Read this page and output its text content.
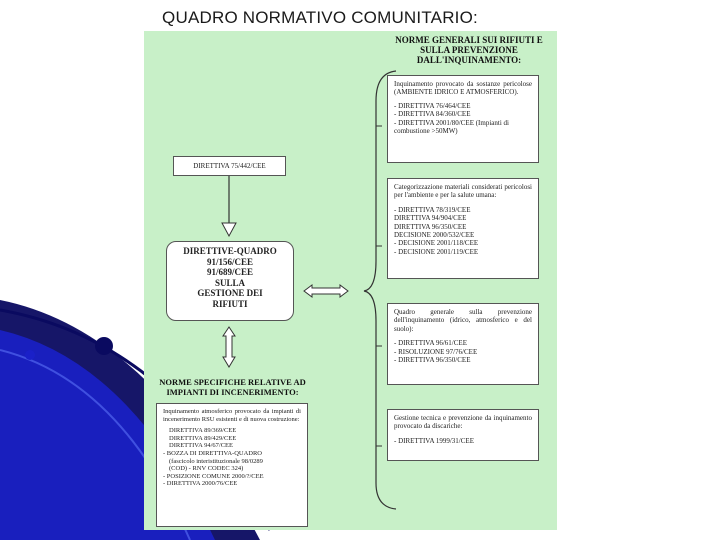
QUADRO NORMATIVO COMUNITARIO:
NORME GENERALI SUI RIFIUTI E SULLA PREVENZIONE DALL'INQUINAMENTO:

Inquinamento provocato da sostanze pericolose (AMBIENTE IDRICO E ATMOSFERICO).

- DIRETTIVA 76/464/CEE
- DIRETTIVA 84/360/CEE
- DIRETTIVA 2001/80/CEE (Impianti di combustione >50MW)

Categorizzazione materiali considerati pericolosi per l'ambiente e per la salute umana:

- DIRETTIVA 78/319/CEE
DIRETTIVA 94/904/CEE
DIRETTIVA 96/350/CEE
DECISIONE 2000/532/CEE
- DECISIONE 2001/118/CEE
- DECISIONE 2001/119/CEE

Quadro generale sulla prevenzione dell'inquinamento (idrico, atmosferico e del suolo):

- DIRETTIVA 96/61/CEE
- RISOLUZIONE 97/76/CEE
- DIRETTIVA 96/350/CEE

Gestione tecnica e prevenzione da inquinamento provocato da discariche:

- DIRETTIVA 1999/31/CEE
DIRETTIVA 75/442/CEE
DIRETTIVE-QUADRO
91/156/CEE
91/689/CEE
SULLA
GESTIONE DEI
RIFIUTI
NORME SPECIFICHE RELATIVE AD IMPIANTI DI INCENERIMENTO:

Inquinamento atmosferico provocato da impianti di incenerimento RSU esistenti e di nuova costruzione:

DIRETTIVA 89/369/CEE
DIRETTIVA 89/429/CEE
DIRETTIVA 94/67/CEE
- BOZZA DI DIRETTIVA-QUADRO
(fascicolo interistituzionale 98/0289
(COD) - RNV CODEC 324)
- POSIZIONE COMUNE 2000/?/CEE
- DIRETTIVA 2000/76/CEE
